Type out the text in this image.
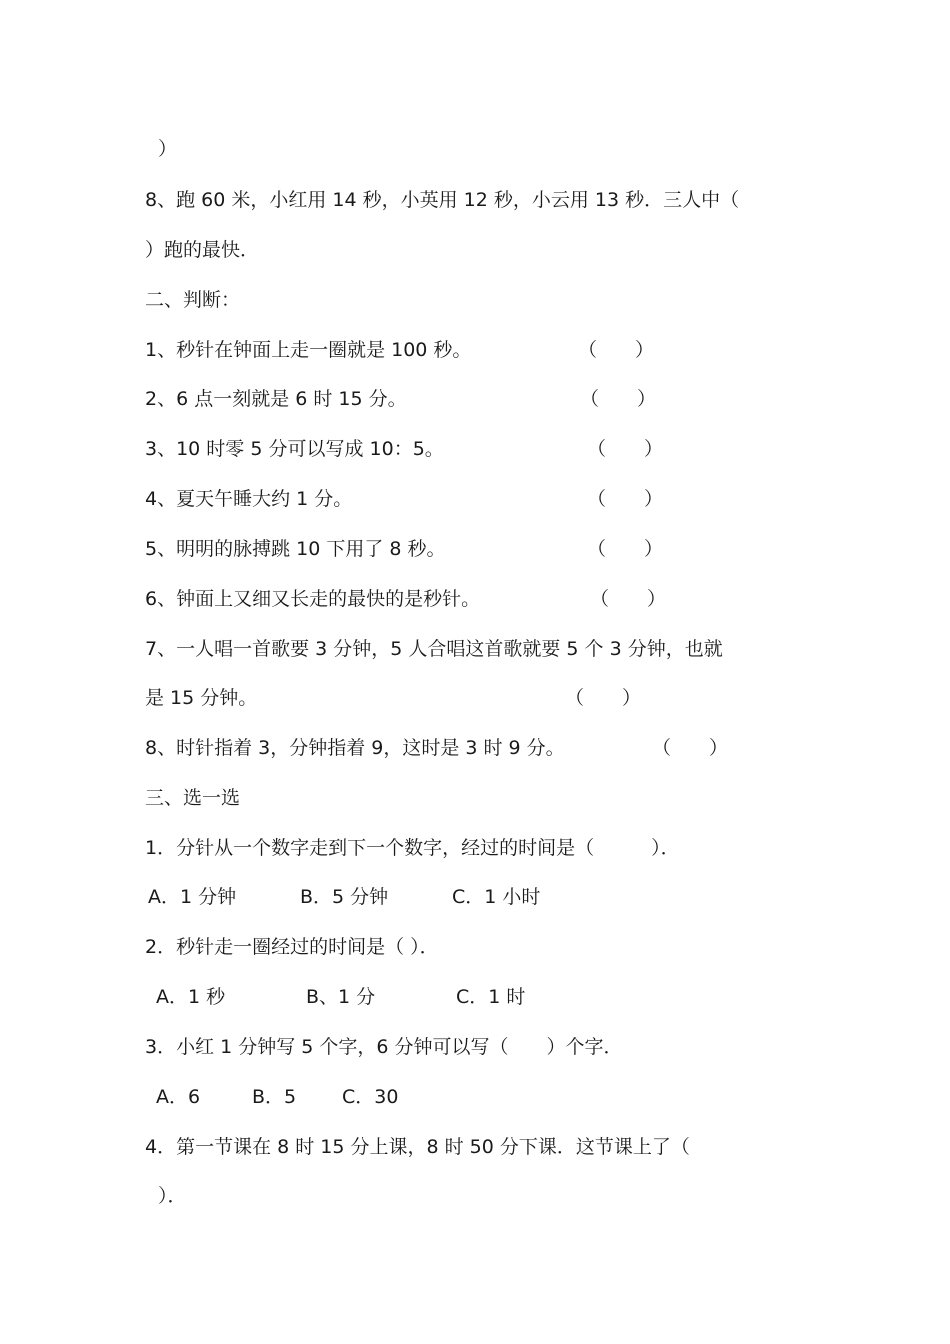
）
8、跑 60 米，小红用 14 秒，小英用 12 秒，小云用 13 秒．三人中（
）跑的最快．
二、判断：
1、秒针在钟面上走一圈就是 100 秒。	（　　）
2、6 点一刻就是 6 时 15 分。	（　　）
3、10 时零 5 分可以写成 10：5。	（　　）
4、夏天午睡大约 1 分。	（　　）
5、明明的脉搏跳 10 下用了 8 秒。	（　　）
6、钟面上又细又长走的最快的是秒针。	（　　）
7、一人唱一首歌要 3 分钟，5 人合唱这首歌就要 5 个 3 分钟，也就
是 15 分钟。	（　　）
8、时针指着 3，分钟指着 9，这时是 3 时 9 分。	（　　）
三、选一选
1．分针从一个数字走到下一个数字，经过的时间是（　　　）．
A．1 分钟	B．5 分钟	C．1 小时
2．秒针走一圈经过的时间是（ ）．
A．1 秒	B、1 分	C．1 时
3．小红 1 分钟写 5 个字，6 分钟可以写（　　）个字．
A．6	B．5 C．30
4．第一节课在 8 时 15 分上课，8 时 50 分下课．这节课上了（
）．
